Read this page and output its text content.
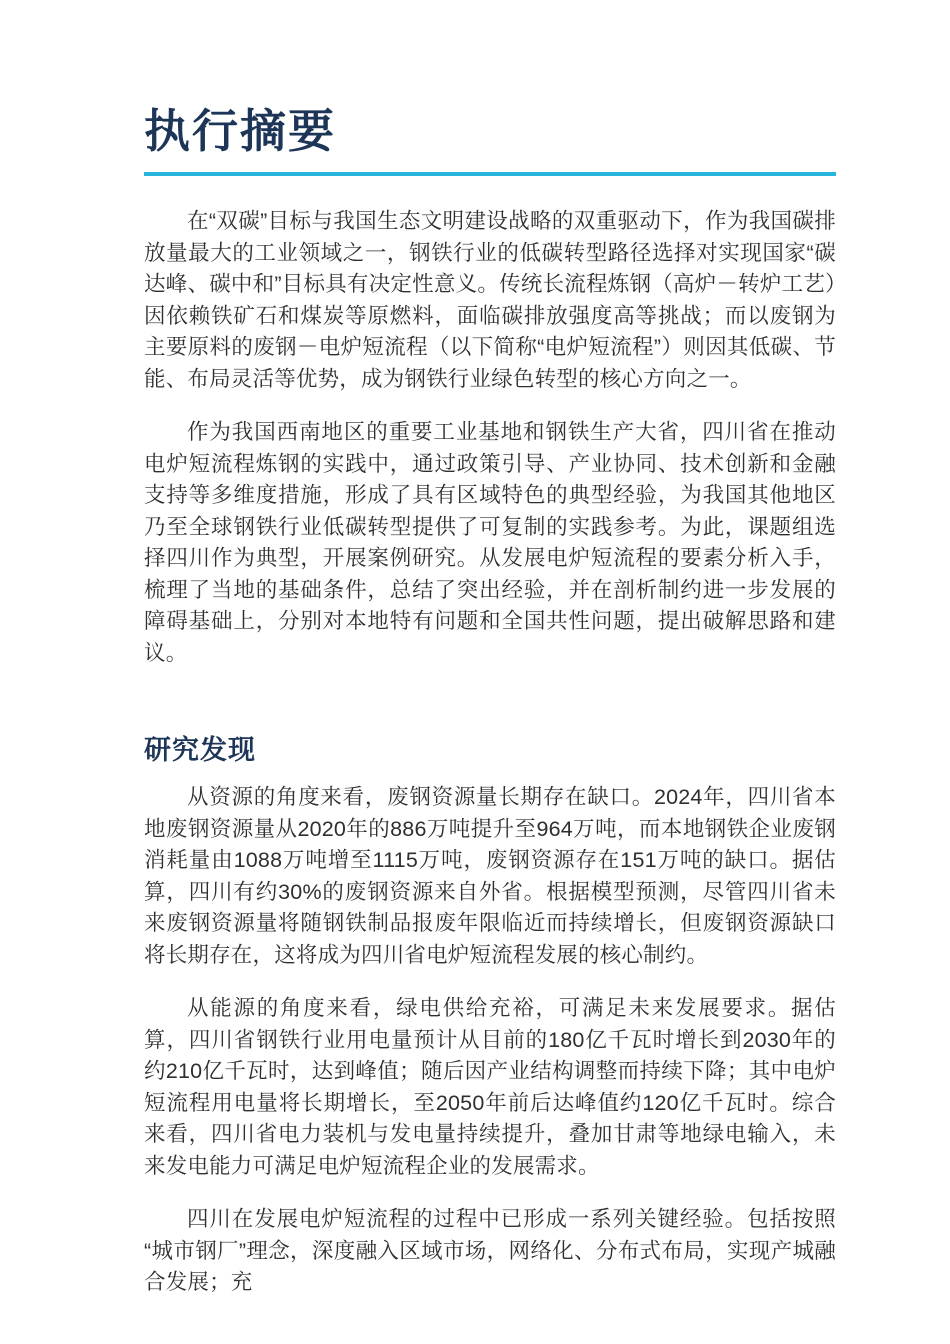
执行摘要

在“双碳”目标与我国生态文明建设战略的双重驱动下，作为我国碳排放量最大的工业领域之一，钢铁行业的低碳转型路径选择对实现国家“碳达峰、碳中和”目标具有决定性意义。传统长流程炼钢（高炉－转炉工艺）因依赖铁矿石和煤炭等原燃料，面临碳排放强度高等挑战；而以废钢为主要原料的废钢－电炉短流程（以下简称“电炉短流程”）则因其低碳、节能、布局灵活等优势，成为钢铁行业绿色转型的核心方向之一。

作为我国西南地区的重要工业基地和钢铁生产大省，四川省在推动电炉短流程炼钢的实践中，通过政策引导、产业协同、技术创新和金融支持等多维度措施，形成了具有区域特色的典型经验，为我国其他地区乃至全球钢铁行业低碳转型提供了可复制的实践参考。为此，课题组选择四川作为典型，开展案例研究。从发展电炉短流程的要素分析入手，梳理了当地的基础条件，总结了突出经验，并在剖析制约进一步发展的障碍基础上，分别对本地特有问题和全国共性问题，提出破解思路和建议。

研究发现

从资源的角度来看，废钢资源量长期存在缺口。2024年，四川省本地废钢资源量从2020年的886万吨提升至964万吨，而本地钢铁企业废钢消耗量由1088万吨增至1115万吨，废钢资源存在151万吨的缺口。据估算，四川有约30%的废钢资源来自外省。根据模型预测，尽管四川省未来废钢资源量将随钢铁制品报废年限临近而持续增长，但废钢资源缺口将长期存在，这将成为四川省电炉短流程发展的核心制约。

从能源的角度来看，绿电供给充裕，可满足未来发展要求。据估算，四川省钢铁行业用电量预计从目前的180亿千瓦时增长到2030年的约210亿千瓦时，达到峰值；随后因产业结构调整而持续下降；其中电炉短流程用电量将长期增长，至2050年前后达峰值约120亿千瓦时。综合来看，四川省电力装机与发电量持续提升，叠加甘肃等地绿电输入，未来发电能力可满足电炉短流程企业的发展需求。

四川在发展电炉短流程的过程中已形成一系列关键经验。包括按照“城市钢厂”理念，深度融入区域市场，网络化、分布式布局，实现产城融合发展；充
